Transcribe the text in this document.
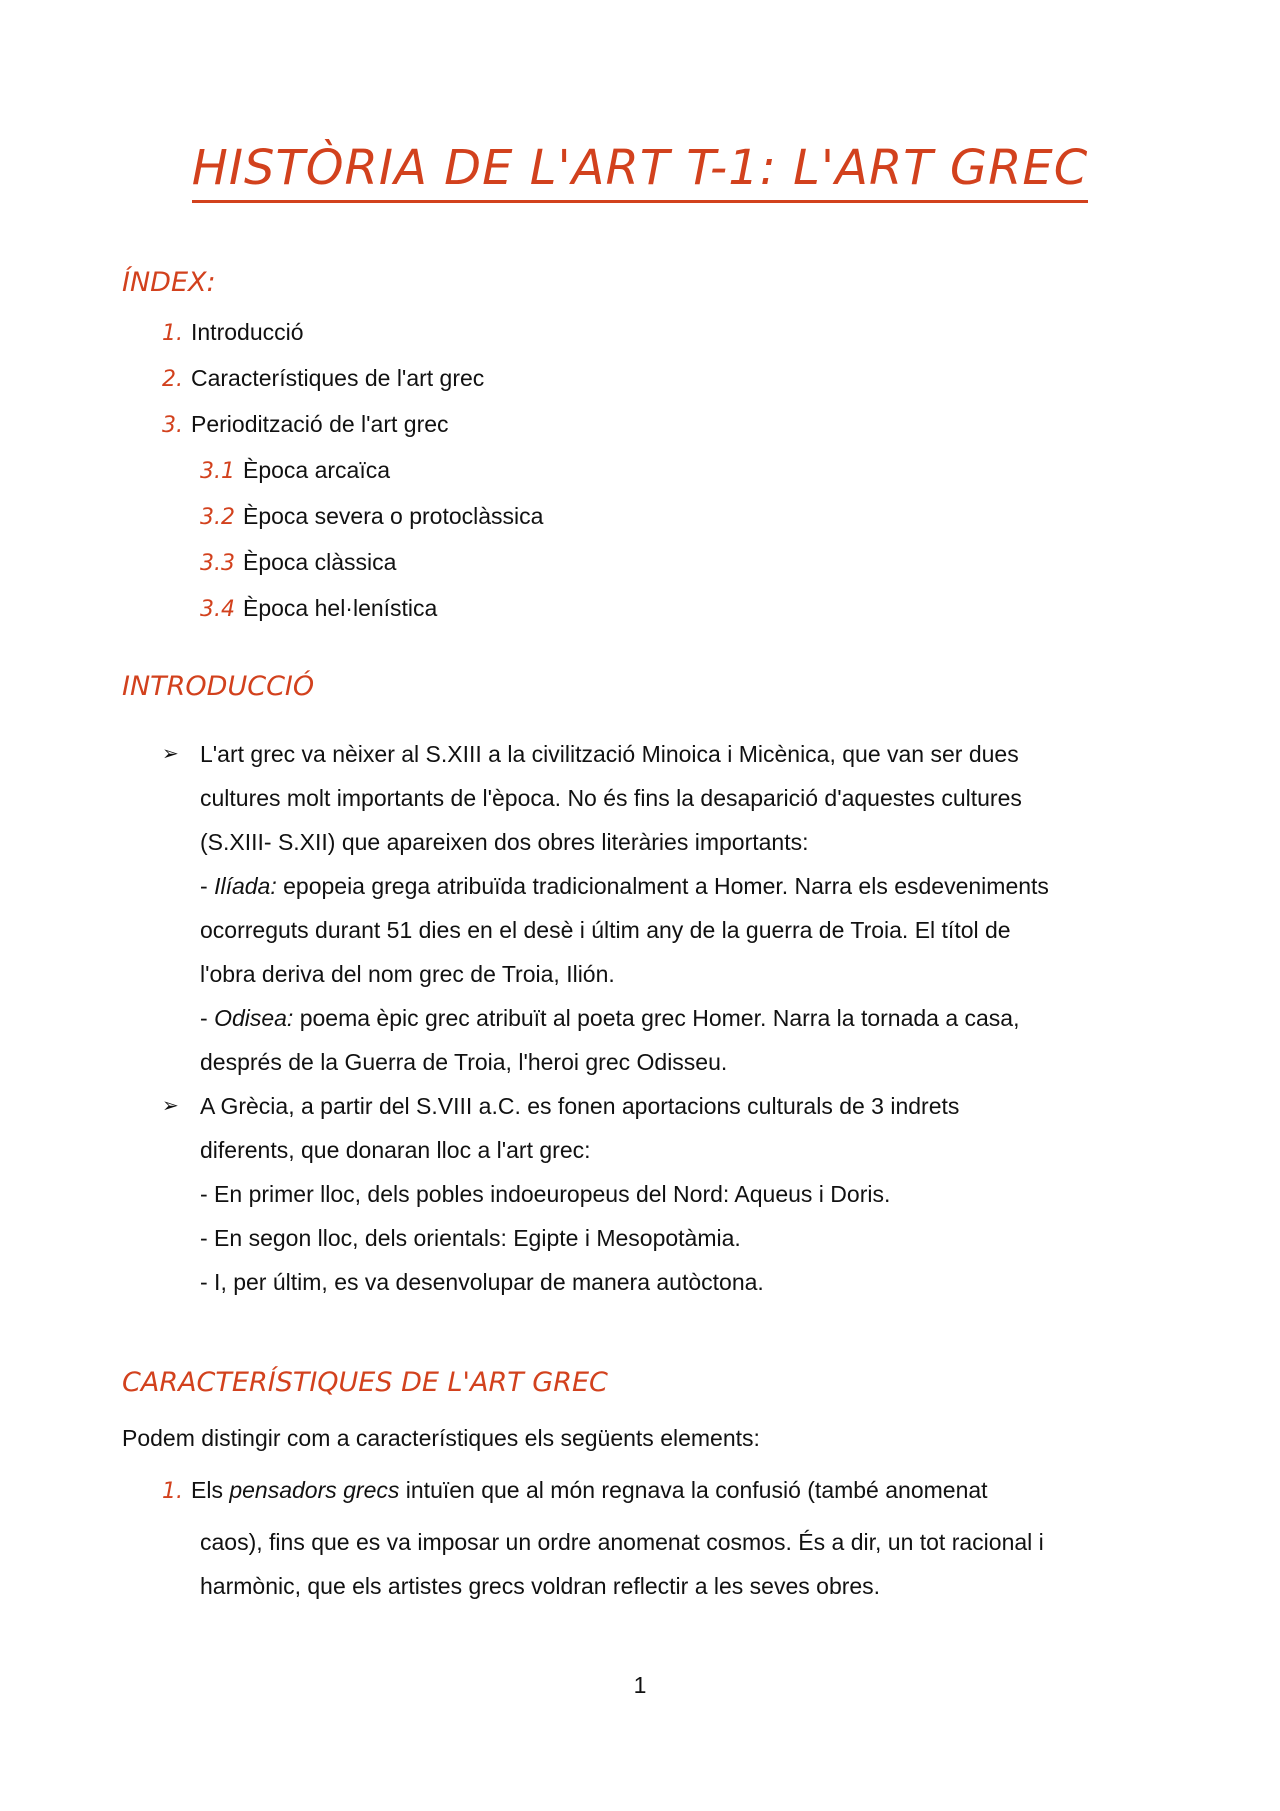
HISTÒRIA DE L'ART T-1: L'ART GREC
ÍNDEX:
1. Introducció
2. Característiques de l'art grec
3. Periodització de l'art grec
3.1 Època arcaïca
3.2 Època severa o protoclàssica
3.3 Època clàssica
3.4 Època hel·lenística
INTRODUCCIÓ
➢ L'art grec va nèixer al S.XIII a la civilització Minoica i Micènica, que van ser dues
cultures molt importants de l'època. No és fins la desaparició d'aquestes cultures
(S.XIII- S.XII) que apareixen dos obres literàries importants:
- Ilíada: epopeia grega atribuïda tradicionalment a Homer. Narra els esdeveniments
ocorreguts durant 51 dies en el desè i últim any de la guerra de Troia. El títol de
l'obra deriva del nom grec de Troia, Ilión.
- Odisea: poema èpic grec atribuït al poeta grec Homer. Narra la tornada a casa,
després de la Guerra de Troia, l'heroi grec Odisseu.
➢ A Grècia, a partir del S.VIII a.C. es fonen aportacions culturals de 3 indrets
diferents, que donaran lloc a l'art grec:
- En primer lloc, dels pobles indoeuropeus del Nord: Aqueus i Doris.
- En segon lloc, dels orientals: Egipte i Mesopotàmia.
- I, per últim, es va desenvolupar de manera autòctona.
CARACTERÍSTIQUES DE L'ART GREC
Podem distingir com a característiques els següents elements:
1. Els pensadors grecs intuïen que al món regnava la confusió (també anomenat
caos), fins que es va imposar un ordre anomenat cosmos. És a dir, un tot racional i
harmònic, que els artistes grecs voldran reflectir a les seves obres.
1
